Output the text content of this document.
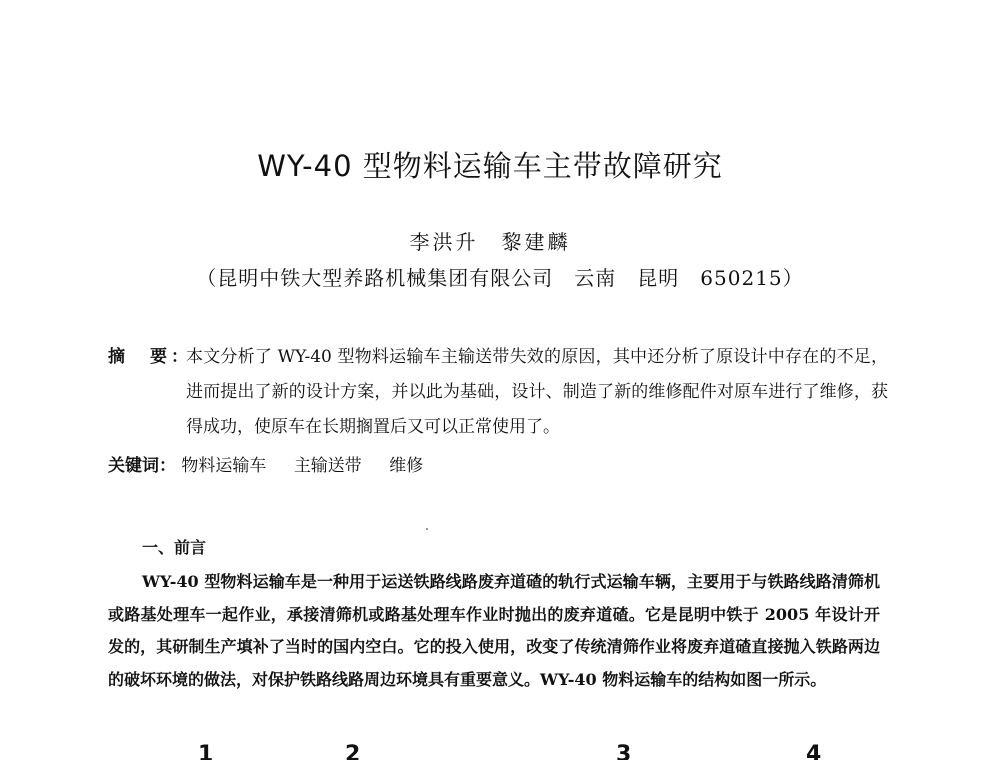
WY-40 型物料运输车主带故障研究
李洪升　黎建麟
（昆明中铁大型养路机械集团有限公司　云南　昆明　650215）
摘　要：
本文分析了 WY-40 型物料运输车主输送带失效的原因，其中还分析了原设计中存在的不足，进而提出了新的设计方案，并以此为基础，设计、制造了新的维修配件对原车进行了维修，获得成功，使原车在长期搁置后又可以正常使用了。
关键词： 物料运输车 主输送带 维修
一、前言
WY-40 型物料运输车是一种用于运送铁路线路废弃道碴的轨行式运输车辆，主要用于与铁路线路清筛机或路基处理车一起作业，承接清筛机或路基处理车作业时抛出的废弃道碴。它是昆明中铁于 2005 年设计开发的，其研制生产填补了当时的国内空白。它的投入使用，改变了传统清筛作业将废弃道碴直接抛入铁路两边的破坏环境的做法，对保护铁路线路周边环境具有重要意义。WY-40 物料运输车的结构如图一所示。
1	2	3	4
